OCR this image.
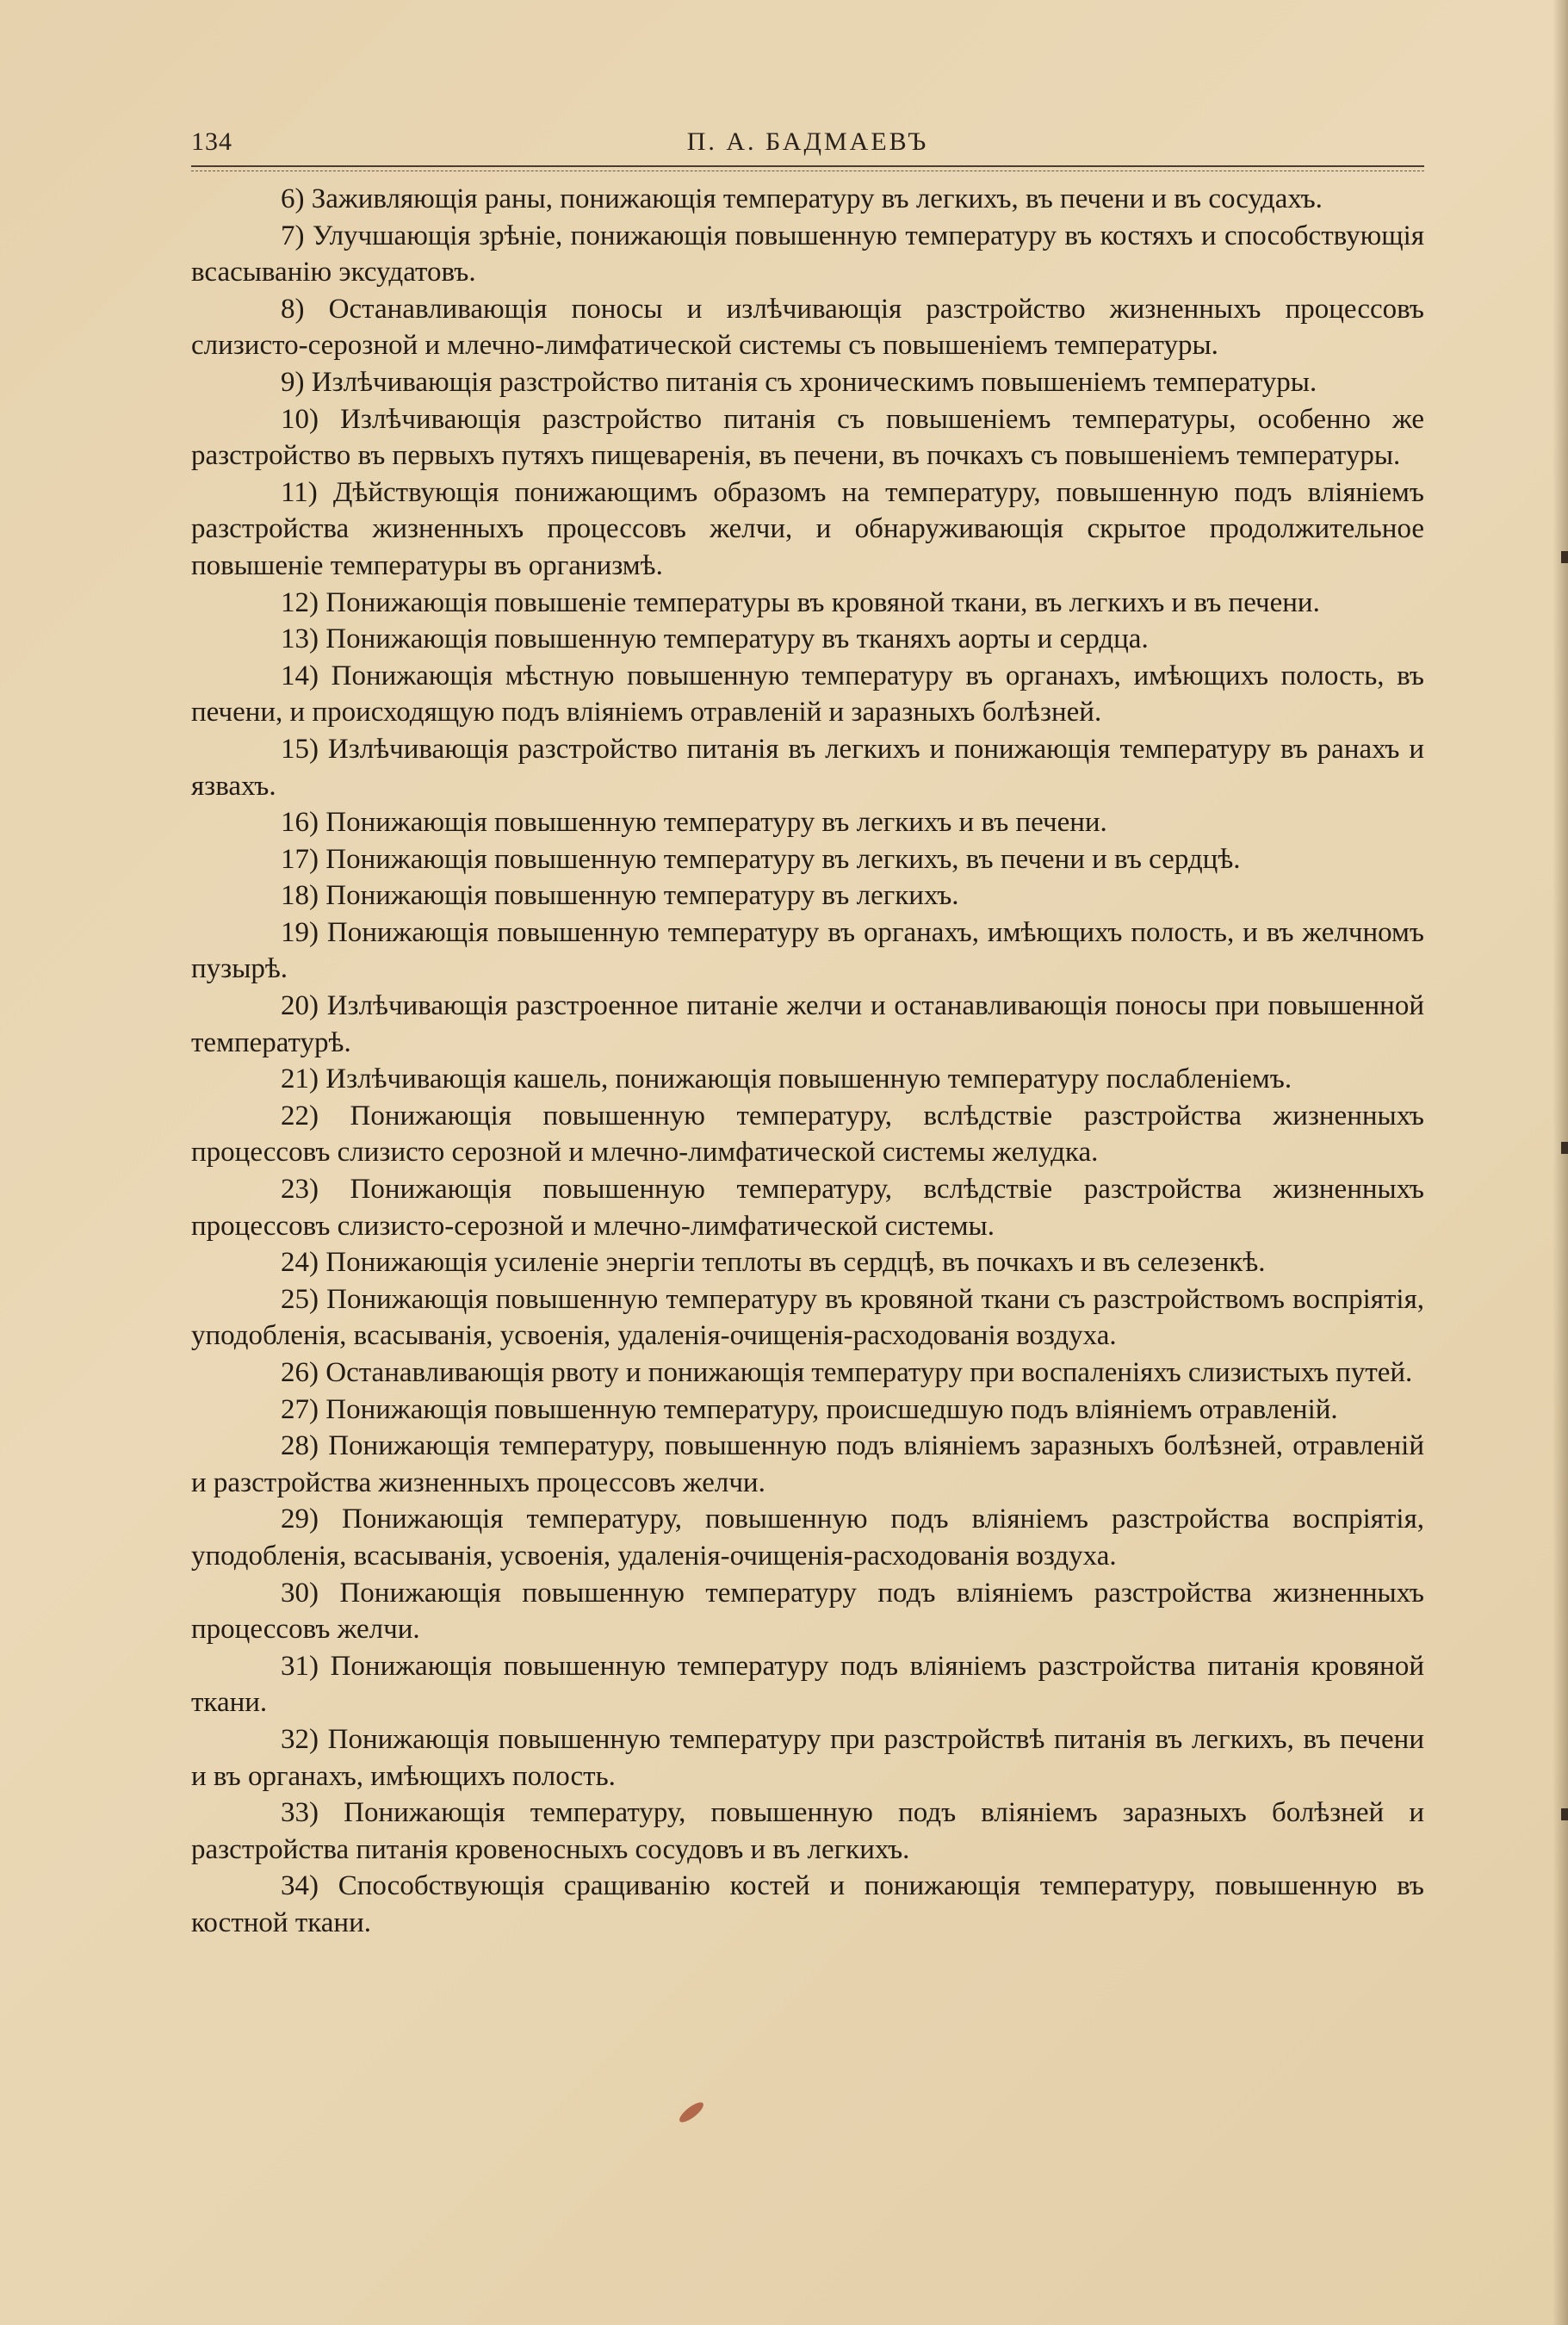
134	П. А. БАДМАЕВЪ

6) Заживляющія раны, понижающія температуру въ легкихъ, въ печени и въ сосудахъ.

7) Улучшающія зрѣніе, понижающія повышенную температуру въ костяхъ и способствующія всасыванію эксудатовъ.

8) Останавливающія поносы и излѣчивающія разстройство жизненныхъ процессовъ слизисто-серозной и млечно-лимфатической системы съ повышеніемъ температуры.

9) Излѣчивающія разстройство питанія съ хроническимъ повышеніемъ температуры.

10) Излѣчивающія разстройство питанія съ повышеніемъ температуры, особенно же разстройство въ первыхъ путяхъ пищеваренія, въ печени, въ почкахъ съ повышеніемъ температуры.

11) Дѣйствующія понижающимъ образомъ на температуру, повышенную подъ вліяніемъ разстройства жизненныхъ процессовъ желчи, и обнаруживающія скрытое продолжительное повышеніе температуры въ организмѣ.

12) Понижающія повышеніе температуры въ кровяной ткани, въ легкихъ и въ печени.

13) Понижающія повышенную температуру въ тканяхъ аорты и сердца.

14) Понижающія мѣстную повышенную температуру въ органахъ, имѣющихъ полость, въ печени, и происходящую подъ вліяніемъ отравленій и заразныхъ болѣзней.

15) Излѣчивающія разстройство питанія въ легкихъ и понижающія температуру въ ранахъ и язвахъ.

16) Понижающія повышенную температуру въ легкихъ и въ печени.

17) Понижающія повышенную температуру въ легкихъ, въ печени и въ сердцѣ.

18) Понижающія повышенную температуру въ легкихъ.

19) Понижающія повышенную температуру въ органахъ, имѣющихъ полость, и въ желчномъ пузырѣ.

20) Излѣчивающія разстроенное питаніе желчи и останавливающія поносы при повышенной температурѣ.

21) Излѣчивающія кашель, понижающія повышенную температуру послабленіемъ.

22) Понижающія повышенную температуру, вслѣдствіе разстройства жизненныхъ процессовъ слизисто серозной и млечно-лимфатической системы желудка.

23) Понижающія повышенную температуру, вслѣдствіе разстройства жизненныхъ процессовъ слизисто-серозной и млечно-лимфатической системы.

24) Понижающія усиленіе энергіи теплоты въ сердцѣ, въ почкахъ и въ селезенкѣ.

25) Понижающія повышенную температуру въ кровяной ткани съ разстройствомъ воспріятія, уподобленія, всасыванія, усвоенія, удаленія-очищенія-расходованія воздуха.

26) Останавливающія рвоту и понижающія температуру при воспаленіяхъ слизистыхъ путей.

27) Понижающія повышенную температуру, происшедшую подъ вліяніемъ отравленій.

28) Понижающія температуру, повышенную подъ вліяніемъ заразныхъ болѣзней, отравленій и разстройства жизненныхъ процессовъ желчи.

29) Понижающія температуру, повышенную подъ вліяніемъ разстройства воспріятія, уподобленія, всасыванія, усвоенія, удаленія-очищенія-расходованія воздуха.

30) Понижающія повышенную температуру подъ вліяніемъ разстройства жизненныхъ процессовъ желчи.

31) Понижающія повышенную температуру подъ вліяніемъ разстройства питанія кровяной ткани.

32) Понижающія повышенную температуру при разстройствѣ питанія въ легкихъ, въ печени и въ органахъ, имѣющихъ полость.

33) Понижающія температуру, повышенную подъ вліяніемъ заразныхъ болѣзней и разстройства питанія кровеносныхъ сосудовъ и въ легкихъ.

34) Способствующія сращиванію костей и понижающія температуру, повышенную въ костной ткани.
